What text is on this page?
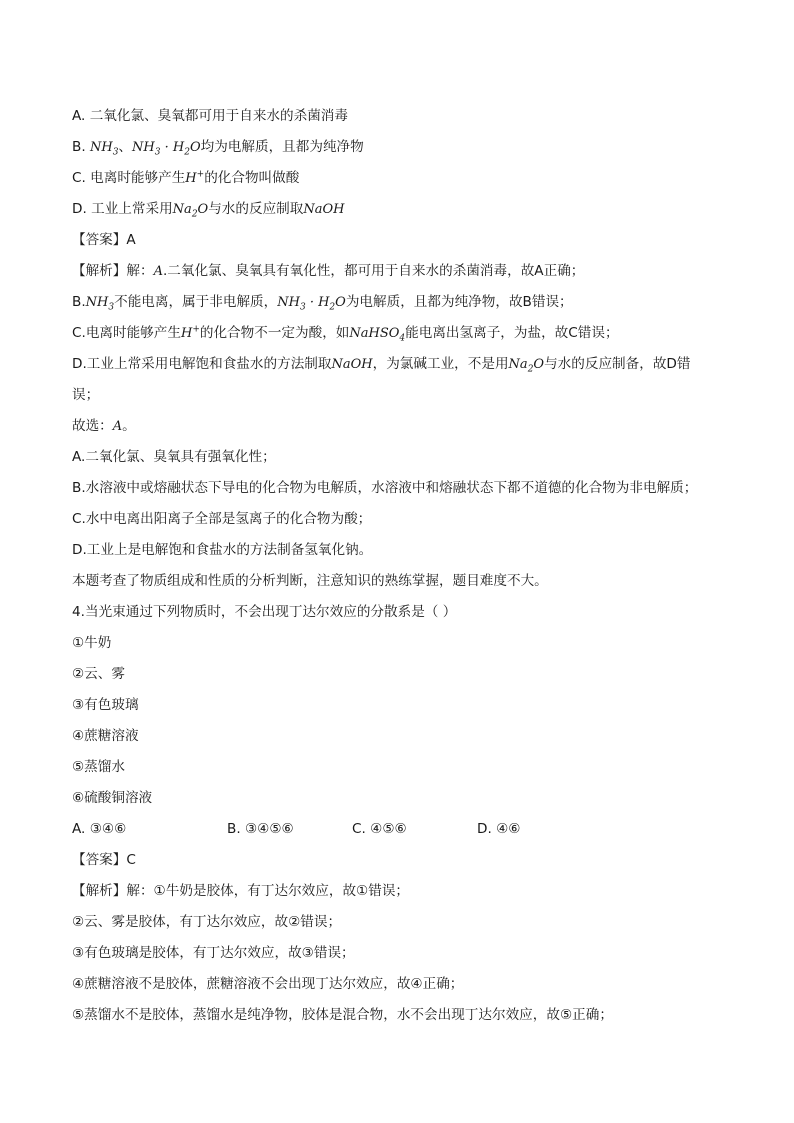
A. 二氧化氯、臭氧都可用于自来水的杀菌消毒
B. $NH_3$、$NH_3 \cdot H_2O$均为电解质，且都为纯净物
C. 电离时能够产生H+的化合物叫做酸
D. 工业上常采用$Na_2O$与水的反应制取NaOH
【答案】A
【解析】解：A.二氧化氯、臭氧具有氧化性，都可用于自来水的杀菌消毒，故A正确；
$B.NH_3$不能电离，属于非电解质，$NH_3 \cdot H_2O$为电解质，且都为纯净物，故B错误；
C.电离时能够产生H+的化合物不一定为酸，如NaHSO$_4$能电离出氢离子，为盐，故C错误；
D.工业上常采用电解饱和食盐水的方法制取NaOH，为氯碱工业，不是用$Na_2O$与水的反应制备，故D错
误；
故选：A。
A.二氧化氯、臭氧具有强氧化性；
B.水溶液中或熔融状态下导电的化合物为电解质，水溶液中和熔融状态下都不道德的化合物为非电解质；
C.水中电离出阳离子全部是氢离子的化合物为酸；
D.工业上是电解饱和食盐水的方法制备氢氧化钠。
本题考查了物质组成和性质的分析判断，注意知识的熟练掌握，题目难度不大。
4.当光束通过下列物质时，不会出现丁达尔效应的分散系是（ ）
①牛奶
②云、雾
③有色玻璃
④蔗糖溶液
⑤蒸馏水
⑥硫酸铜溶液
A. ③④⑥	B. ③④⑤⑥	C. ④⑤⑥	D. ④⑥
【答案】C
【解析】解：①牛奶是胶体，有丁达尔效应，故①错误；
②云、雾是胶体，有丁达尔效应，故②错误；
③有色玻璃是胶体，有丁达尔效应，故③错误；
④蔗糖溶液不是胶体，蔗糖溶液不会出现丁达尔效应，故④正确；
⑤蒸馏水不是胶体，蒸馏水是纯净物，胶体是混合物，水不会出现丁达尔效应，故⑤正确；
